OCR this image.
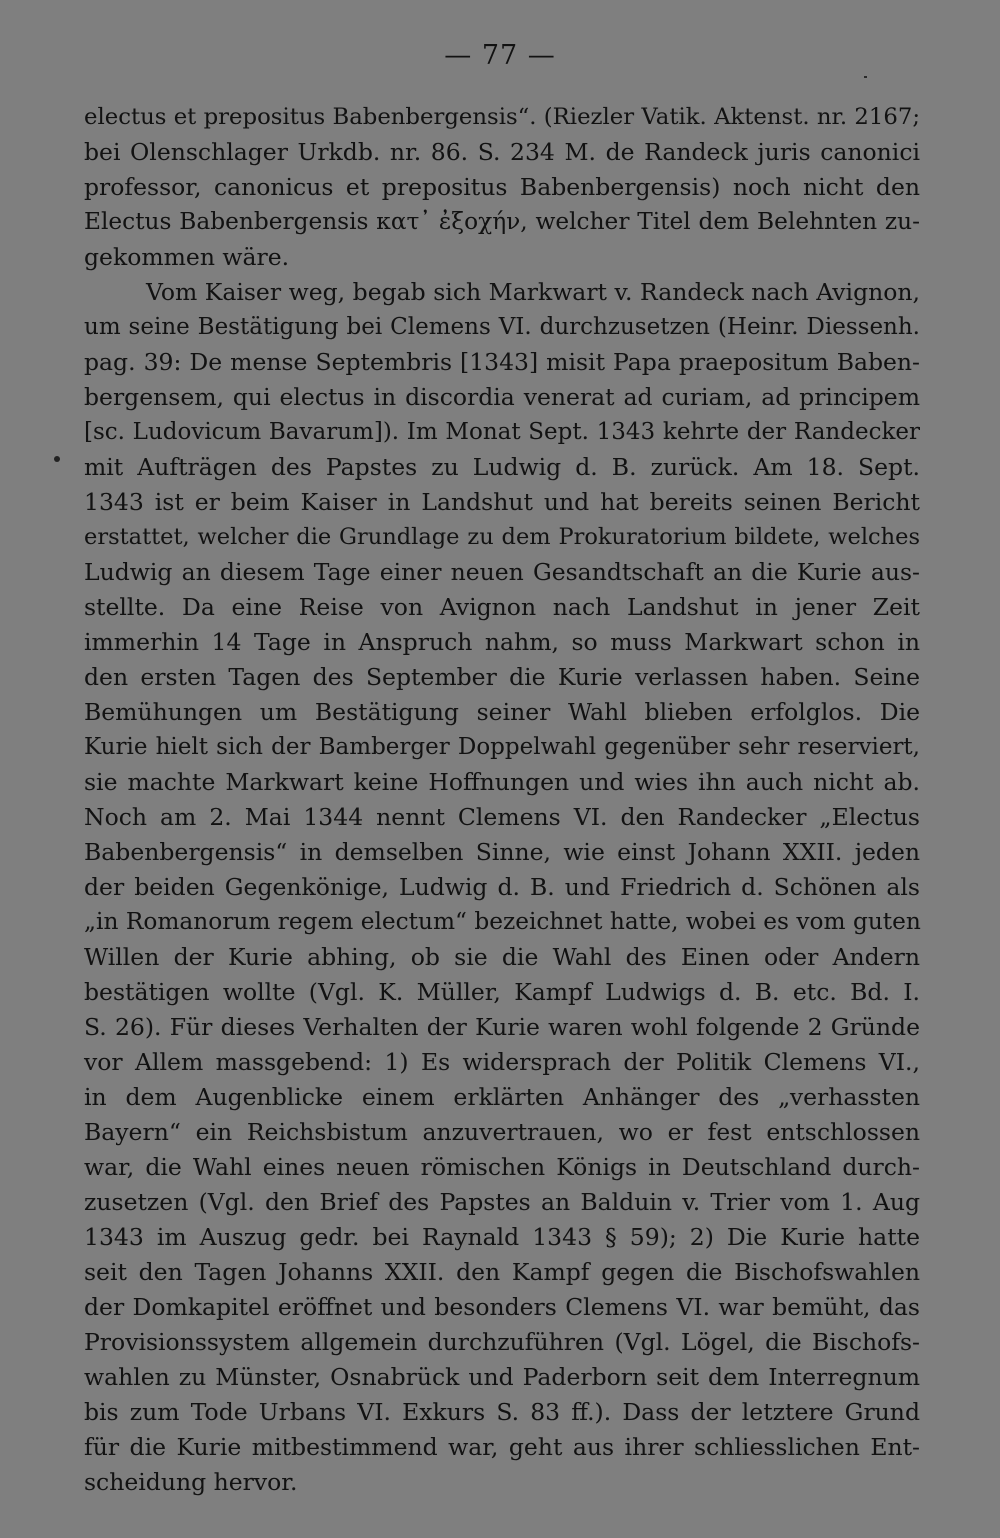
— 77 —
electus et prepositus Babenbergensis“. (Riezler Vatik. Aktenst. nr. 2167;
bei Olenschlager Urkdb. nr. 86. S. 234 M. de Randeck juris canonici
professor, canonicus et prepositus Babenbergensis) noch nicht den
Electus Babenbergensis κατ᾽ ἐξοχήν, welcher Titel dem Belehnten zu-
gekommen wäre.
Vom Kaiser weg, begab sich Markwart v. Randeck nach Avignon,
um seine Bestätigung bei Clemens VI. durchzusetzen (Heinr. Diessenh.
pag. 39: De mense Septembris [1343] misit Papa praepositum Baben-
bergensem, qui electus in discordia venerat ad curiam, ad principem
[sc. Ludovicum Bavarum]). Im Monat Sept. 1343 kehrte der Randecker
mit Aufträgen des Papstes zu Ludwig d. B. zurück. Am 18. Sept.
1343 ist er beim Kaiser in Landshut und hat bereits seinen Bericht
erstattet, welcher die Grundlage zu dem Prokuratorium bildete, welches
Ludwig an diesem Tage einer neuen Gesandtschaft an die Kurie aus-
stellte. Da eine Reise von Avignon nach Landshut in jener Zeit
immerhin 14 Tage in Anspruch nahm, so muss Markwart schon in
den ersten Tagen des September die Kurie verlassen haben. Seine
Bemühungen um Bestätigung seiner Wahl blieben erfolglos. Die
Kurie hielt sich der Bamberger Doppelwahl gegenüber sehr reserviert,
sie machte Markwart keine Hoffnungen und wies ihn auch nicht ab.
Noch am 2. Mai 1344 nennt Clemens VI. den Randecker „Electus
Babenbergensis“ in demselben Sinne, wie einst Johann XXII. jeden
der beiden Gegenkönige, Ludwig d. B. und Friedrich d. Schönen als
„in Romanorum regem electum“ bezeichnet hatte, wobei es vom guten
Willen der Kurie abhing, ob sie die Wahl des Einen oder Andern
bestätigen wollte (Vgl. K. Müller, Kampf Ludwigs d. B. etc. Bd. I.
S. 26). Für dieses Verhalten der Kurie waren wohl folgende 2 Gründe
vor Allem massgebend: 1) Es widersprach der Politik Clemens VI.,
in dem Augenblicke einem erklärten Anhänger des „verhassten
Bayern“ ein Reichsbistum anzuvertrauen, wo er fest entschlossen
war, die Wahl eines neuen römischen Königs in Deutschland durch-
zusetzen (Vgl. den Brief des Papstes an Balduin v. Trier vom 1. Aug
1343 im Auszug gedr. bei Raynald 1343 § 59); 2) Die Kurie hatte
seit den Tagen Johanns XXII. den Kampf gegen die Bischofswahlen
der Domkapitel eröffnet und besonders Clemens VI. war bemüht, das
Provisionssystem allgemein durchzuführen (Vgl. Lögel, die Bischofs-
wahlen zu Münster, Osnabrück und Paderborn seit dem Interregnum
bis zum Tode Urbans VI. Exkurs S. 83 ff.). Dass der letztere Grund
für die Kurie mitbestimmend war, geht aus ihrer schliesslichen Ent-
scheidung hervor.
